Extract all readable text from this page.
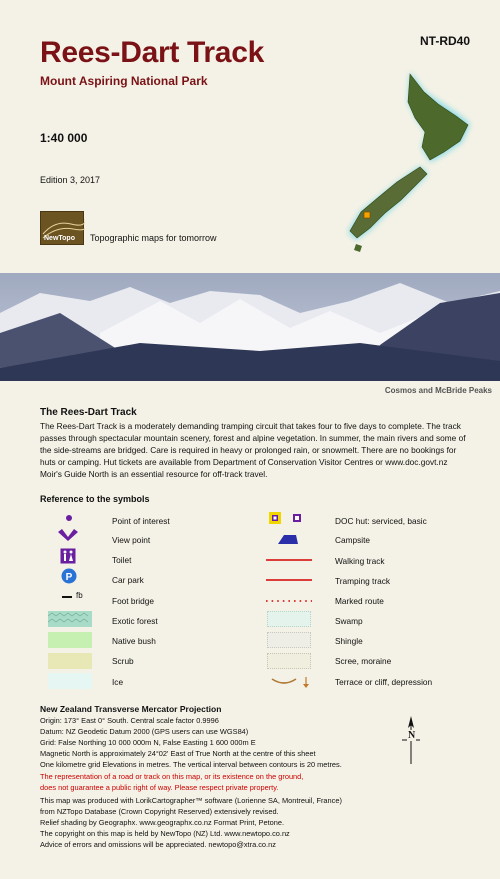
NT-RD40
Rees-Dart Track
Mount Aspiring National Park
1:40 000
Edition 3, 2017
NewTopo Topographic maps for tomorrow
Cosmos and McBride Peaks
The Rees-Dart Track
The Rees-Dart Track is a moderately demanding tramping circuit that takes four to five days to complete. The track passes through spectacular mountain scenery, forest and alpine vegetation. In summer, the main rivers and some of the side-streams are bridged. Care is required in heavy or prolonged rain, or snowmelt. There are no bookings for huts or camping. Hut tickets are available from Department of Conservation Visitor Centres or www.doc.govt.nz Moir's Guide North is an essential resource for off-track travel.
Reference to the symbols
P
fb
Point of interest
View point
Toilet
Car park
Foot bridge
Exotic forest
Native bush
Scrub
Ice
DOC hut: serviced, basic
Campsite
Walking track
Tramping track
Marked route
Swamp
Shingle
Scree, moraine
Terrace or cliff, depression
New Zealand Transverse Mercator Projection
Origin: 173° East 0° South. Central scale factor 0.9996
Datum: NZ Geodetic Datum 2000 (GPS users can use WGS84)
Grid: False Northing 10 000 000m N, False Easting 1 600 000m E
Magnetic North is approximately 24°02' East of True North at the centre of this sheet
One kilometre grid Elevations in metres. The vertical interval between contours is 20 metres.
The representation of a road or track on this map, or its existence on the ground,
does not guarantee a public right of way. Please respect private property.
This map was produced with LorikCartographer™ software (Lorienne SA, Montreuil, France)
from NZTopo Database (Crown Copyright Reserved) extensively revised.
Relief shading by Geographx. www.geographx.co.nz Format Print, Petone.
The copyright on this map is held by NewTopo (NZ) Ltd. www.newtopo.co.nz
Advice of errors and omissions will be appreciated. newtopo@xtra.co.nz
N
